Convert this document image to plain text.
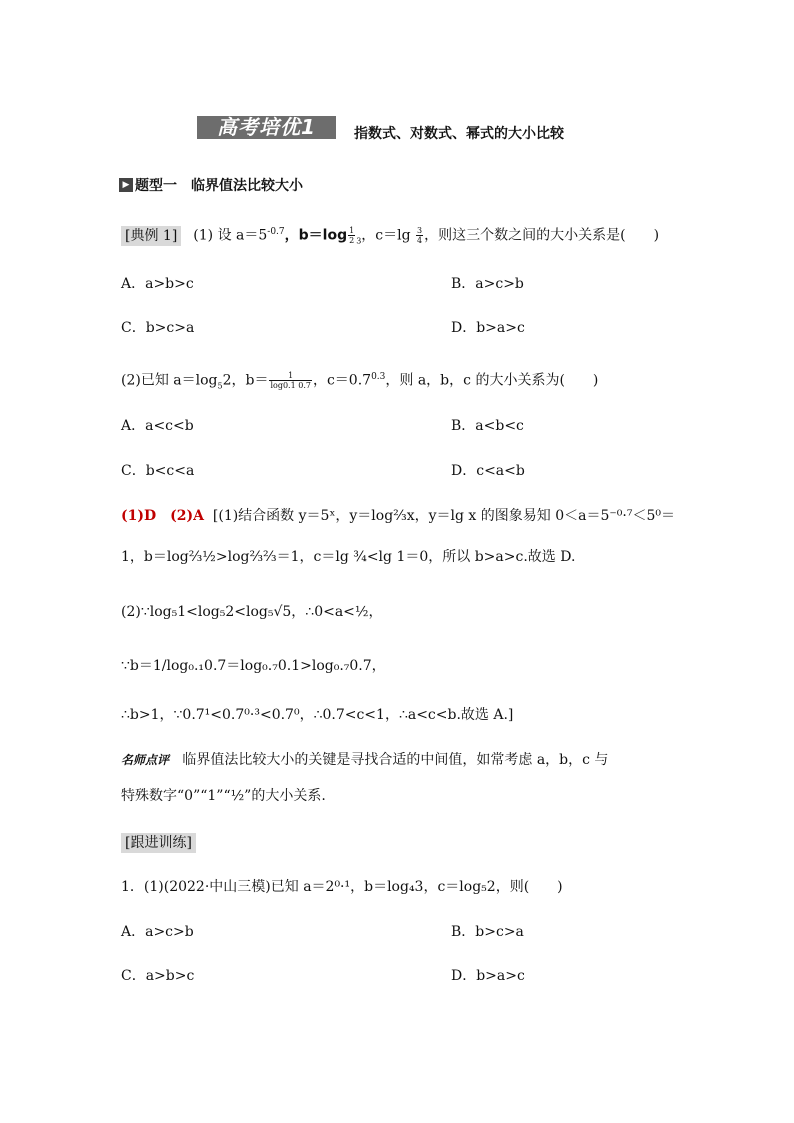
高考培优1	指数式、对数式、幂式的大小比较
▶ 题型一　临界值法比较大小
[典例 1] (1) 设 $a=5^{-0.7}$，$b=\log \frac{1}{2} _3$，$c=\lg \frac{3}{4}$ ，则这三个数之间的大小关系是(　　)
A．a>b>c	B．a>c>b
C．b>c>a	D．b>a>c
(2)已知 $a=\log_52$，$b= \frac{1}{\log 0.1 0.7}$ ，$c=0.7^{0.3}$，则 a，b，c 的大小关系为(　　)
A．a<c<b	B．a<b<c
C．b<c<a	D．c<a<b
(1)D　(2)A [(1)结合函数 y＝5ˣ，y＝log⅔x，y＝lg x 的图象易知 0＜a＝5⁻⁰·⁷＜5⁰＝
1，b＝log⅔½>log⅔⅔＝1，c＝lg ¾<lg 1＝0，所以 b>a>c.故选 D.
(2)∵log₅1<log₅2<log₅√5，∴0<a<½，
∵b＝1/log₀.₁0.7＝log₀.₇0.1>log₀.₇0.7，
∴b>1，∵0.7¹<0.7⁰·³<0.7⁰，∴0.7<c<1，∴a<c<b.故选 A.]
名师点评 临界值法比较大小的关键是寻找合适的中间值，如常考虑 a，b，c 与
特殊数字“0”“1”“½”的大小关系.
[跟进训练]
1．(1)(2022·中山三模)已知 a＝2⁰·¹，b＝log₄3，c＝log₅2，则(　　)
A．a>c>b	B．b>c>a
C．a>b>c	D．b>a>c
